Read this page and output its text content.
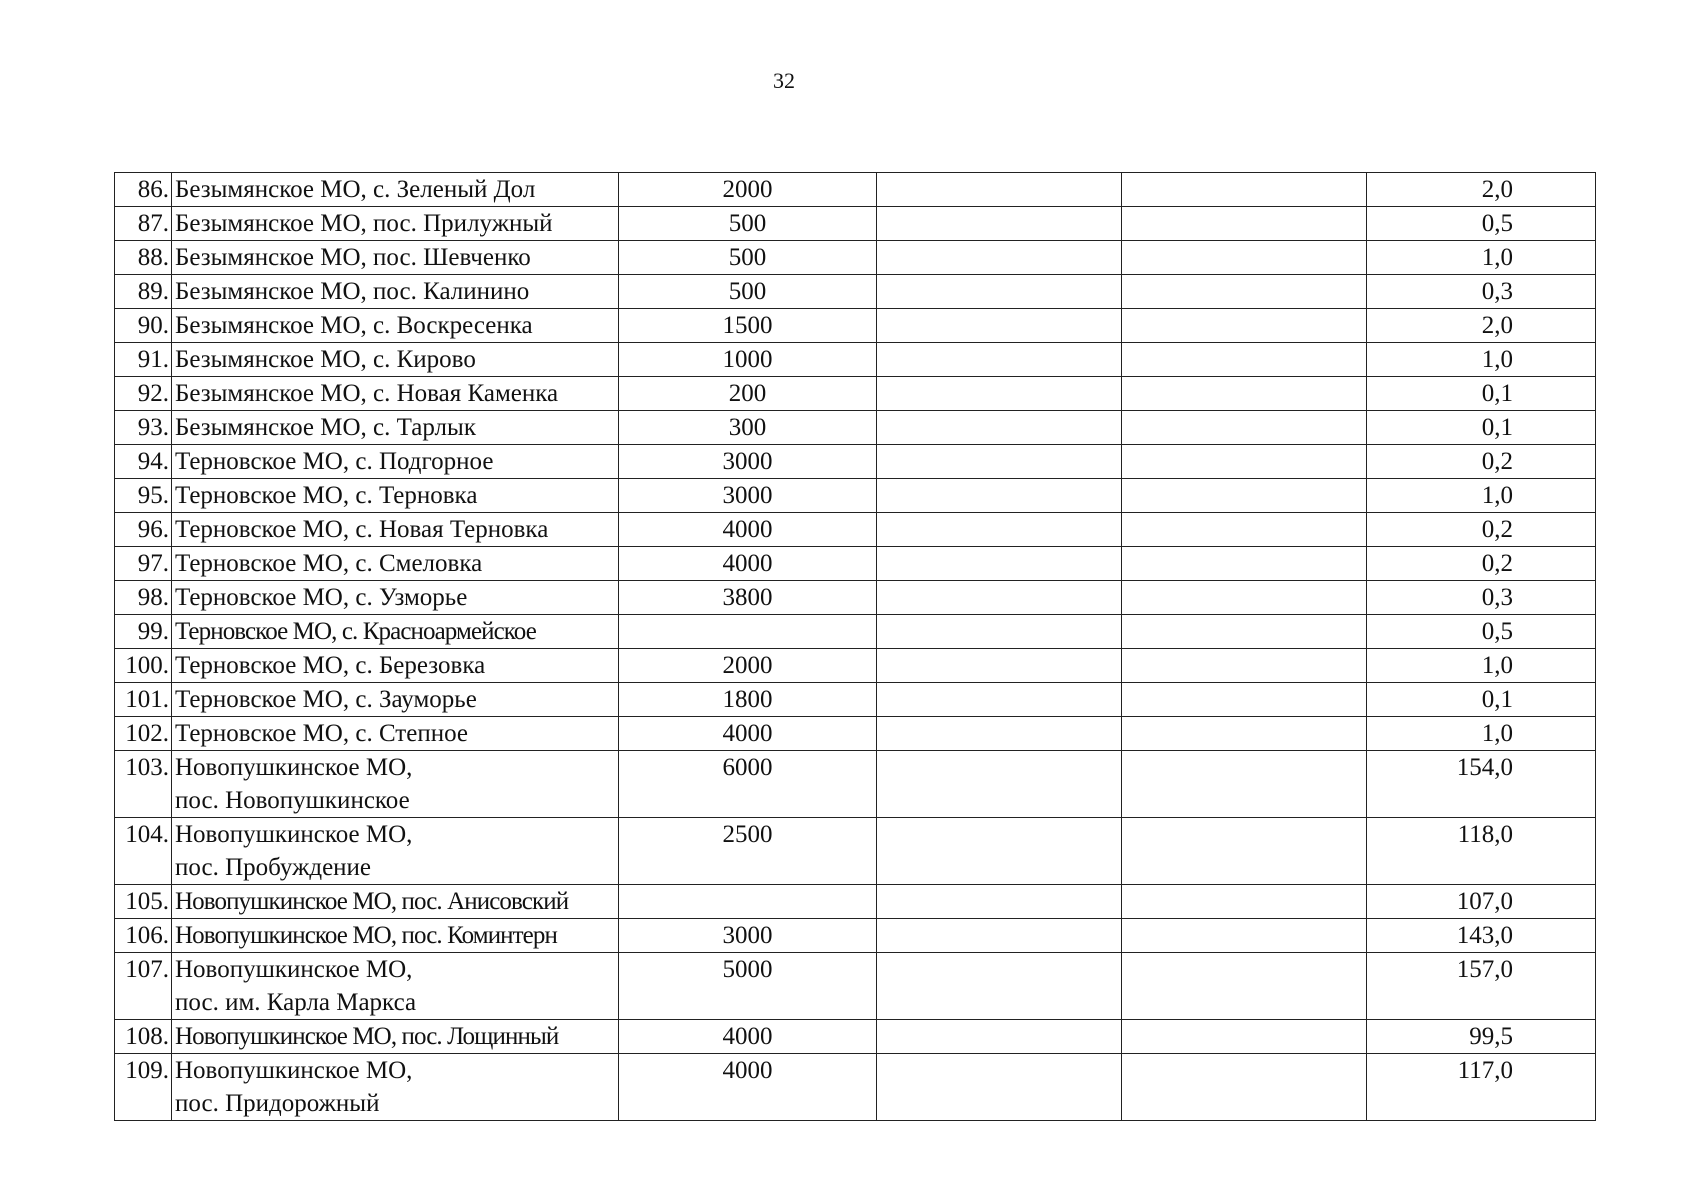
32
86.	Безымянское МО, с. Зеленый Дол	2000			2,0
87.	Безымянское МО, пос. Прилужный	500			0,5
88.	Безымянское МО, пос. Шевченко	500			1,0
89.	Безымянское МО, пос. Калинино	500			0,3
90.	Безымянское МО, с. Воскресенка	1500			2,0
91.	Безымянское МО, с. Кирово	1000			1,0
92.	Безымянское МО, с. Новая Каменка	200			0,1
93.	Безымянское МО, с. Тарлык	300			0,1
94.	Терновское МО, с. Подгорное	3000			0,2
95.	Терновское МО, с. Терновка	3000			1,0
96.	Терновское МО, с. Новая Терновка	4000			0,2
97.	Терновское МО, с. Смеловка	4000			0,2
98.	Терновское МО, с. Узморье	3800			0,3
99.	Терновское МО, с. Красноармейское				0,5
100.	Терновское МО, с. Березовка	2000			1,0
101.	Терновское МО, с. Зауморье	1800			0,1
102.	Терновское МО, с. Степное	4000			1,0
103.	Новопушкинское МО,
пос. Новопушкинское	6000			154,0
104.	Новопушкинское МО,
пос. Пробуждение	2500			118,0
105.	Новопушкинское МО, пос. Анисовский				107,0
106.	Новопушкинское МО, пос. Коминтерн	3000			143,0
107.	Новопушкинское МО,
пос. им. Карла Маркса	5000			157,0
108.	Новопушкинское МО, пос. Лощинный	4000			99,5
109.	Новопушкинское МО,
пос. Придорожный	4000			117,0
